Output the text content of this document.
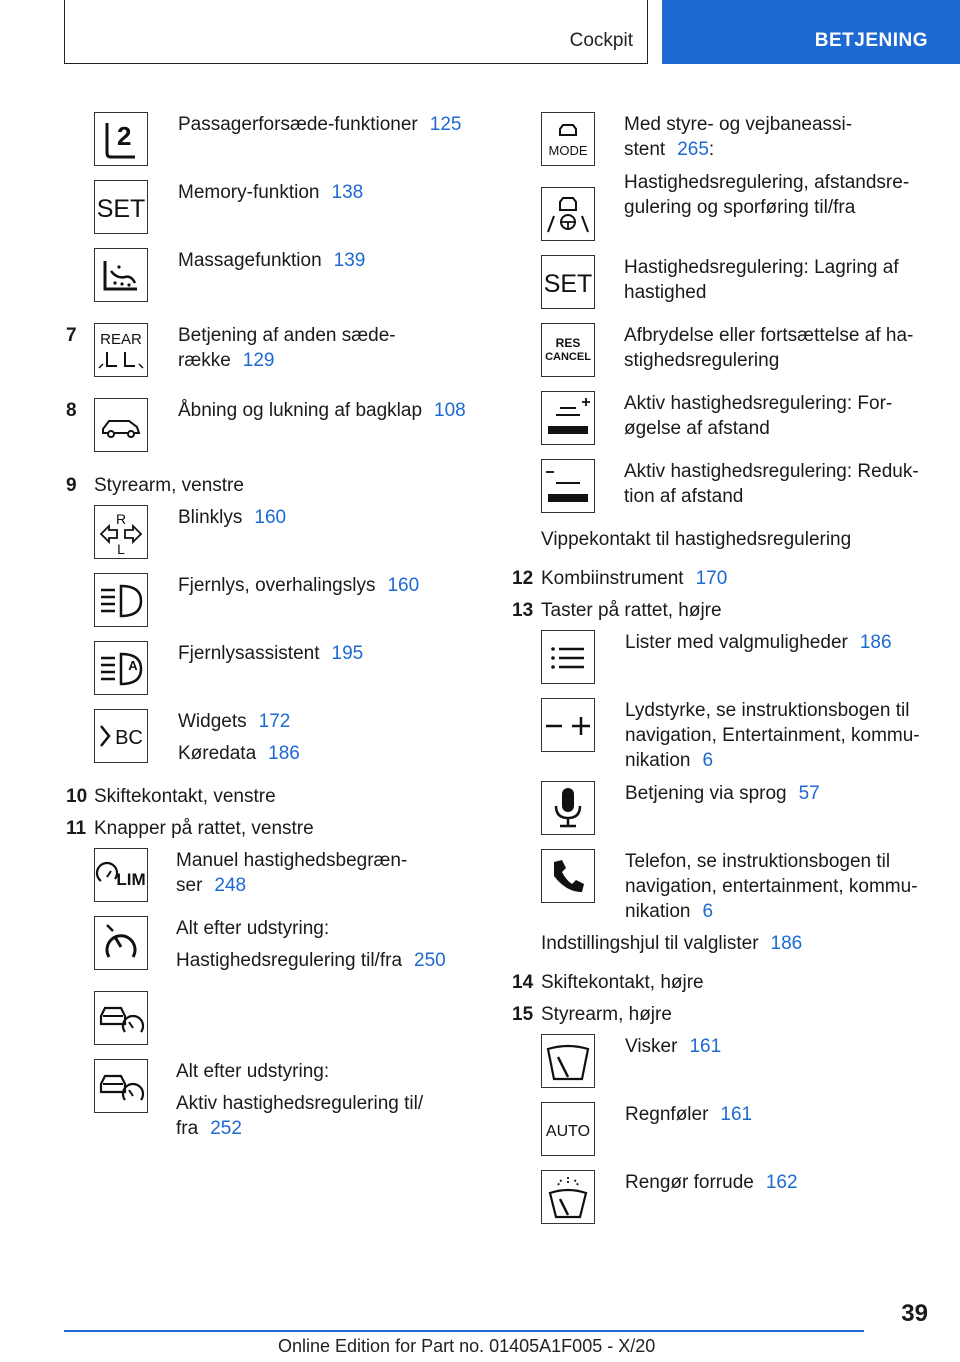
Cockpit	BETJENING
2 Passagerforsæde-funktioner 125
SET
Memory-funktion 138
Massagefunktion 139
7 REAR Betjening af anden sæde-
række 129
8	Åbning og lukning af bagklap 108
9 Styrearm, venstre
R
L
Blinklys 160
Fjernlys, overhalingslys 160
A
Fjernlysassistent 195
BC
Widgets 172
Køredata 186
10 Skiftekontakt, venstre
11 Knapper på rattet, venstre
LIM
Manuel hastighedsbegræn-
ser 248
Alt efter udstyring:
Hastighedsregulering til/fra 250
Alt efter udstyring:
Aktiv hastighedsregulering til/
fra 252
MODE
Med styre- og vejbaneassi-
stent 265:
Hastighedsregulering, afstandsre-
gulering og sporføring til/fra
SET
Hastighedsregulering: Lagring af
hastighed
RES
CANCEL
Afbrydelse eller fortsættelse af ha-
stighedsregulering
Aktiv hastighedsregulering: For-
øgelse af afstand
Aktiv hastighedsregulering: Reduk-
tion af afstand
Vippekontakt til hastighedsregulering
12 Kombiinstrument 170
13 Taster på rattet, højre
Lister med valgmuligheder 186
Lydstyrke, se instruktionsbogen til
navigation, Entertainment, kommu-
nikation 6
Betjening via sprog 57
Telefon, se instruktionsbogen til
navigation, entertainment, kommu-
nikation 6
Indstillingshjul til valglister 186
14 Skiftekontakt, højre
15 Styrearm, højre
Visker 161
AUTO
Regnføler 161
Rengør forrude 162
39
Online Edition for Part no. 01405A1F005 - X/20
